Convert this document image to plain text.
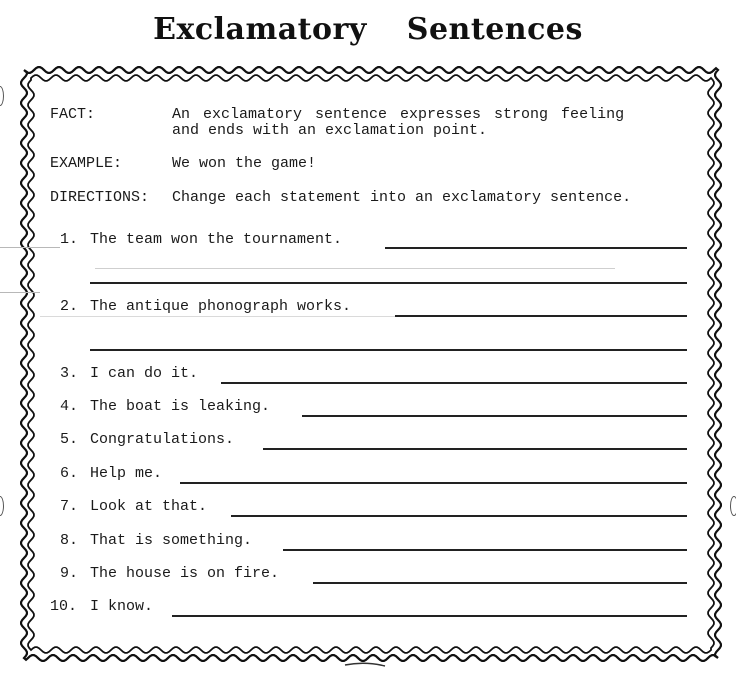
Exclamatory Sentences
FACT:	An exclamatory sentence expresses strong feeling
and ends with an exclamation point.
EXAMPLE:	We won the game!
DIRECTIONS: Change each statement into an exclamatory sentence.
1. The team won the tournament.
2. The antique phonograph works.
3. I can do it.
4. The boat is leaking.
5. Congratulations.
6. Help me.
7. Look at that.
8. That is something.
9. The house is on fire.
10. I know.
